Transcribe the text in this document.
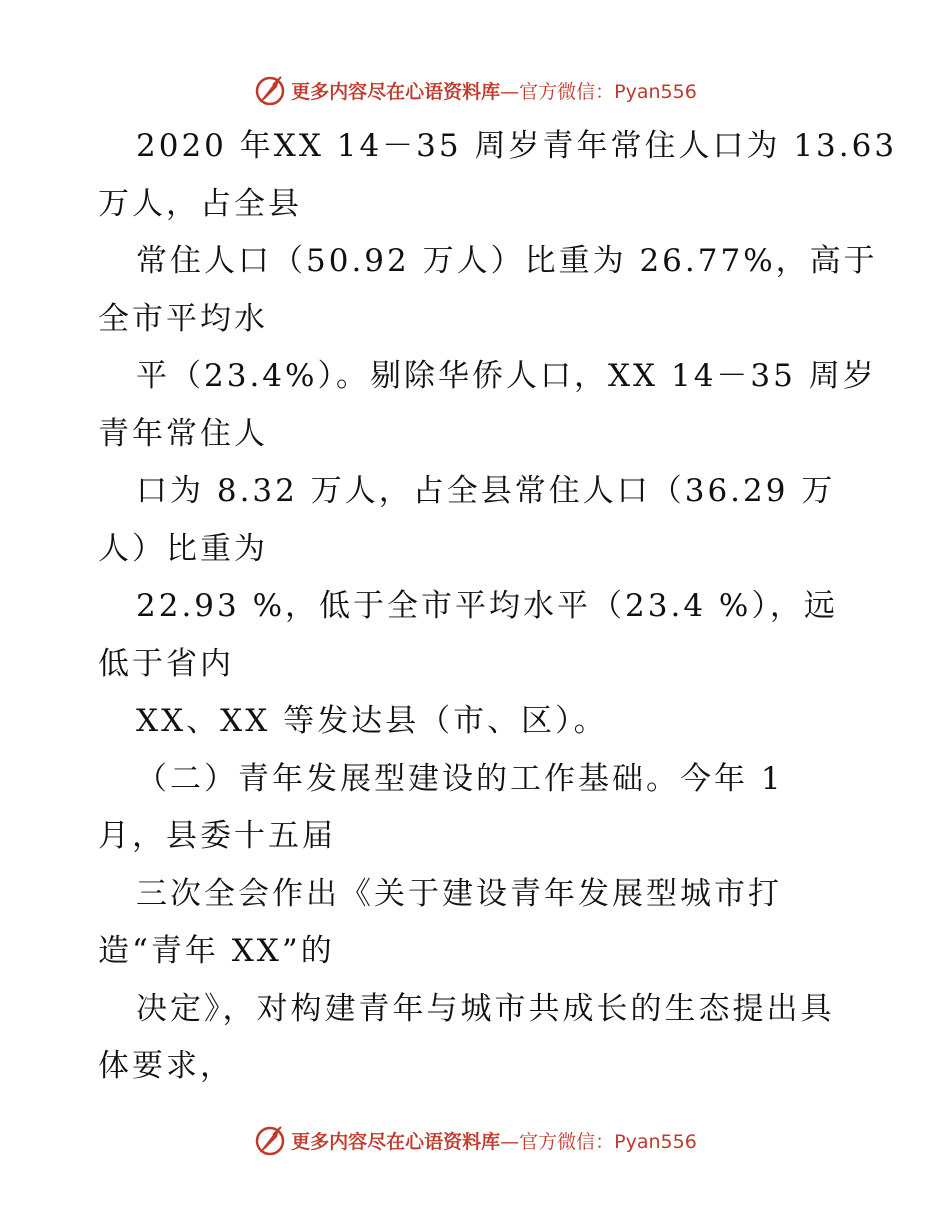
更多内容尽在心语资料库—官方微信：Pyan556
2020 年XX 14－35 周岁青年常住人口为 13.63
万人，占全县
常住人口（50.92 万人）比重为 26.77%，高于
全市平均水
平（23.4%）。剔除华侨人口，XX 14－35 周岁
青年常住人
口为 8.32 万人，占全县常住人口（36.29 万
人）比重为
22.93 %，低于全市平均水平（23.4 %），远
低于省内
XX、XX 等发达县（市、区）。
（二）青年发展型建设的工作基础。今年 1
月，县委十五届
三次全会作出《关于建设青年发展型城市打
造“青年 XX”的
决定》，对构建青年与城市共成长的生态提出具
体要求，
更多内容尽在心语资料库—官方微信：Pyan556
